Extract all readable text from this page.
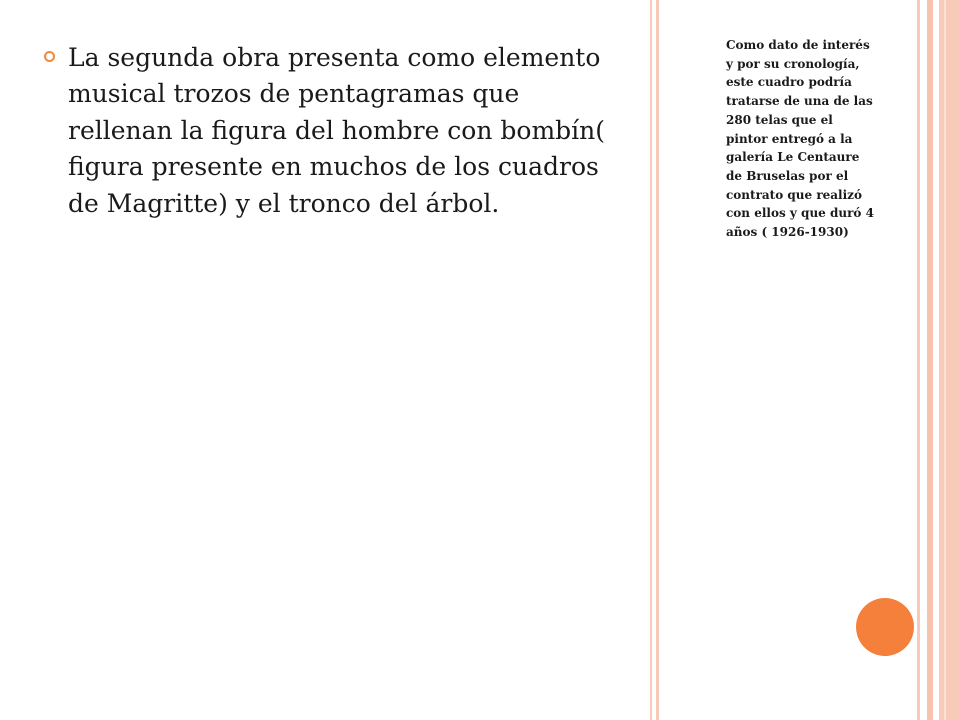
La segunda obra presenta como elemento musical trozos de pentagramas que rellenan la figura del hombre con bombín( figura presente en muchos de los cuadros de Magritte) y el tronco del árbol.

Como dato de interés y por su cronología, este cuadro podría tratarse de una de las 280 telas que el pintor entregó a la galería Le Centaure de Bruselas por el contrato que realizó con ellos y que duró 4 años ( 1926-1930)
